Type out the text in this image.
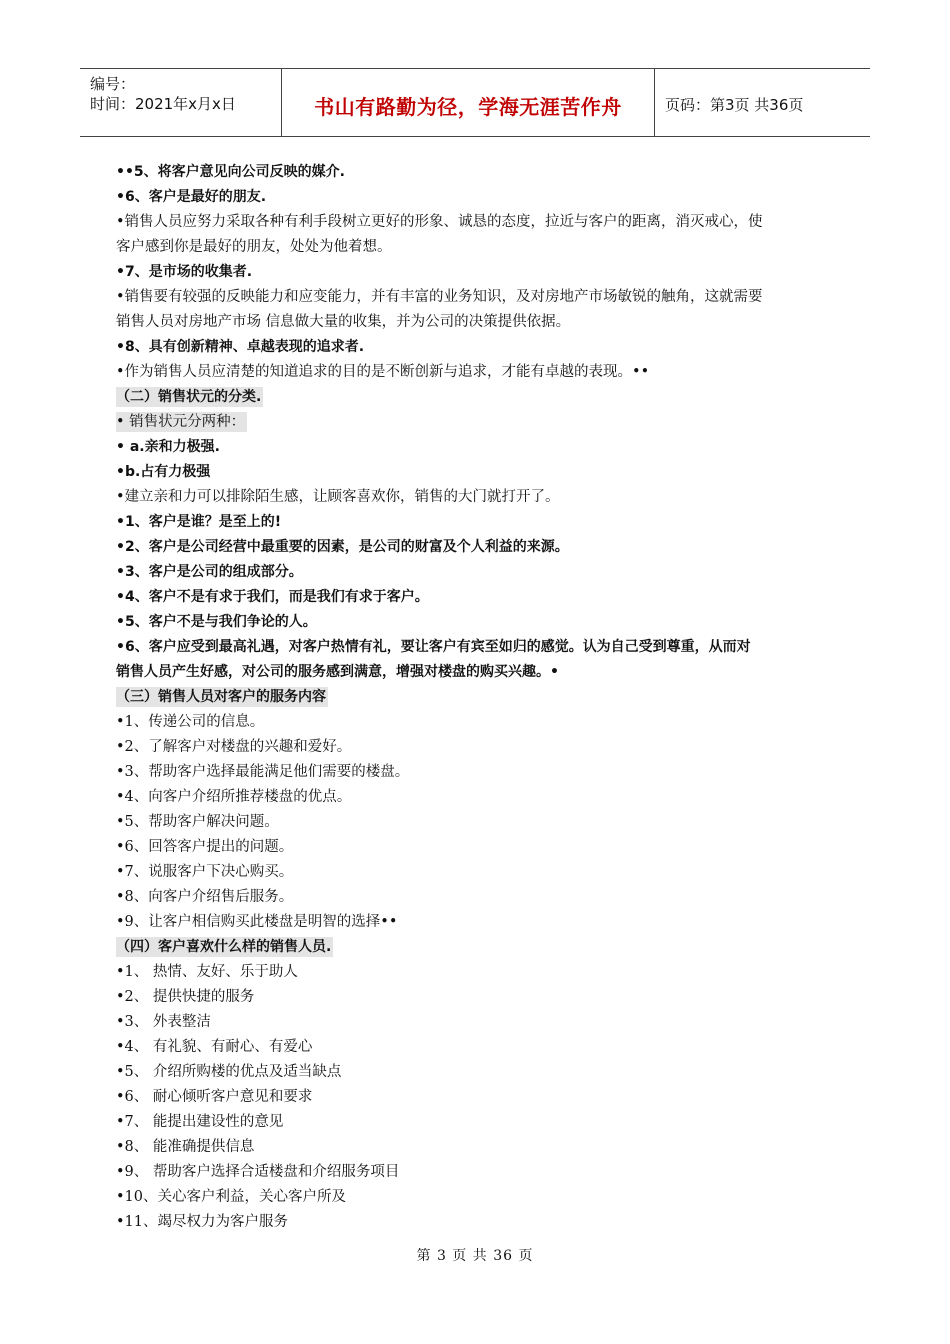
编号：
时间：2021年x月x日	书山有路勤为径，学海无涯苦作舟	页码：第3页 共36页
••5、将客户意见向公司反映的媒介.
•6、客户是最好的朋友.
•销售人员应努力采取各种有利手段树立更好的形象、诚恳的态度，拉近与客户的距离，消灭戒心，使
客户感到你是最好的朋友，处处为他着想。
•7、是市场的收集者.
•销售要有较强的反映能力和应变能力，并有丰富的业务知识，及对房地产市场敏锐的触角，这就需要
销售人员对房地产市场 信息做大量的收集，并为公司的决策提供依据。
•8、具有创新精神、卓越表现的追求者.
•作为销售人员应清楚的知道追求的目的是不断创新与追求，才能有卓越的表现。••
（二）销售状元的分类.
• 销售状元分两种：
• a.亲和力极强.
•b.占有力极强
•建立亲和力可以排除陌生感，让顾客喜欢你，销售的大门就打开了。
•1、客户是谁？是至上的!
•2、客户是公司经营中最重要的因素，是公司的财富及个人利益的来源。
•3、客户是公司的组成部分。
•4、客户不是有求于我们，而是我们有求于客户。
•5、客户不是与我们争论的人。
•6、客户应受到最高礼遇，对客户热情有礼，要让客户有宾至如归的感觉。认为自己受到尊重，从而对
销售人员产生好感，对公司的服务感到满意，增强对楼盘的购买兴趣。•
（三）销售人员对客户的服务内容
•1、传递公司的信息。
•2、了解客户对楼盘的兴趣和爱好。
•3、帮助客户选择最能满足他们需要的楼盘。
•4、向客户介绍所推荐楼盘的优点。
•5、帮助客户解决问题。
•6、回答客户提出的问题。
•7、说服客户下决心购买。
•8、向客户介绍售后服务。
•9、让客户相信购买此楼盘是明智的选择••
（四）客户喜欢什么样的销售人员.
•1、 热情、友好、乐于助人
•2、 提供快捷的服务
•3、 外表整洁
•4、 有礼貌、有耐心、有爱心
•5、 介绍所购楼的优点及适当缺点
•6、 耐心倾听客户意见和要求
•7、 能提出建设性的意见
•8、 能准确提供信息
•9、 帮助客户选择合适楼盘和介绍服务项目
•10、关心客户利益，关心客户所及
•11、竭尽权力为客户服务
第 3 页 共 36 页
